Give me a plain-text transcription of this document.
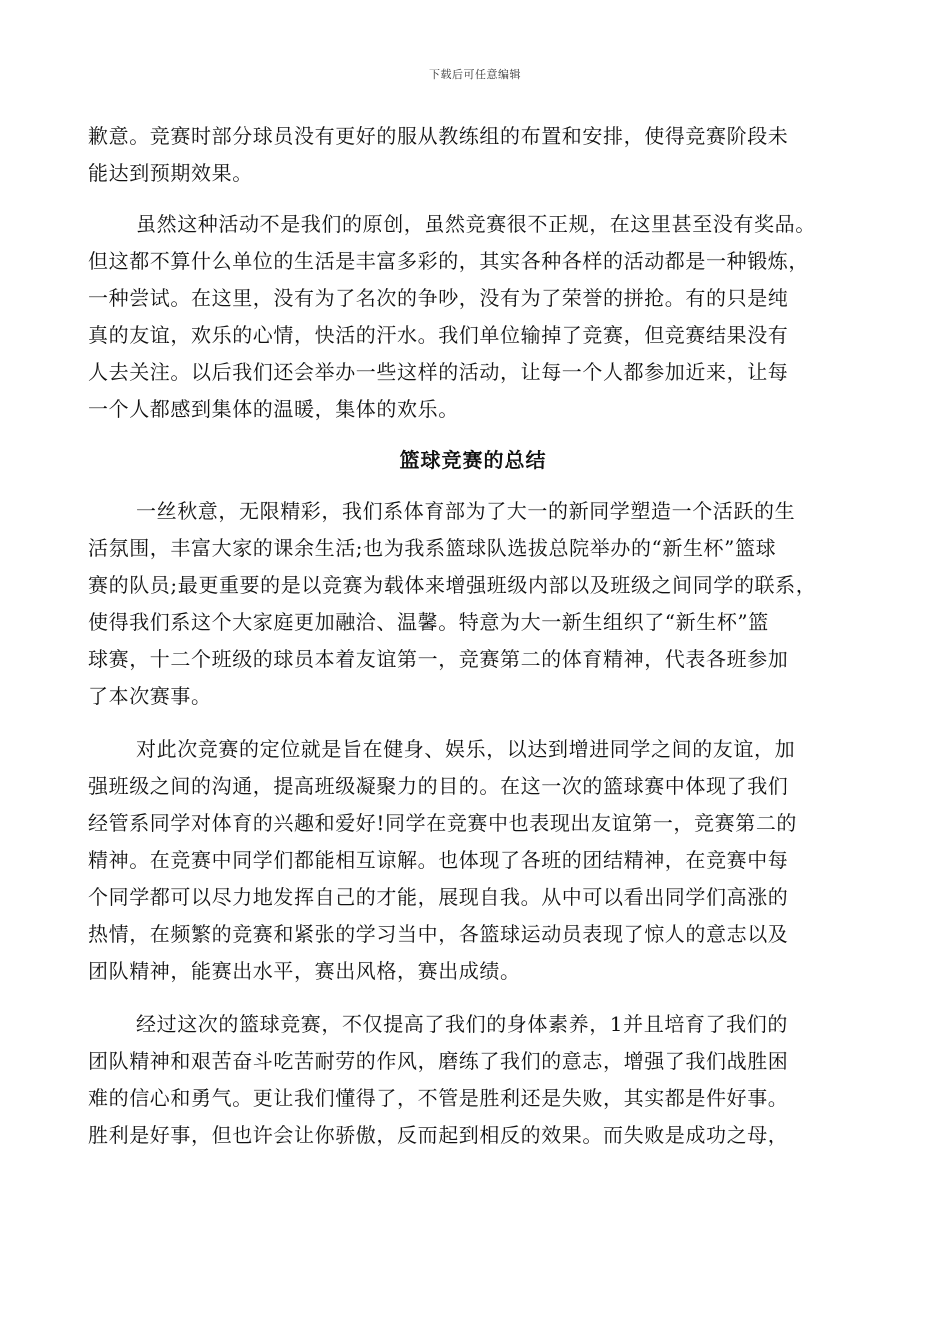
下载后可任意编辑
歉意。竞赛时部分球员没有更好的服从教练组的布置和安排，使得竞赛阶段未
能达到预期效果。
虽然这种活动不是我们的原创，虽然竞赛很不正规，在这里甚至没有奖品。
但这都不算什么单位的生活是丰富多彩的，其实各种各样的活动都是一种锻炼，
一种尝试。在这里，没有为了名次的争吵，没有为了荣誉的拼抢。有的只是纯
真的友谊，欢乐的心情，快活的汗水。我们单位输掉了竞赛，但竞赛结果没有
人去关注。以后我们还会举办一些这样的活动，让每一个人都参加近来，让每
一个人都感到集体的温暖，集体的欢乐。
篮球竞赛的总结
一丝秋意，无限精彩，我们系体育部为了大一的新同学塑造一个活跃的生
活氛围，丰富大家的课余生活;也为我系篮球队选拔总院举办的“新生杯”篮球
赛的队员;最更重要的是以竞赛为载体来增强班级内部以及班级之间同学的联系，
使得我们系这个大家庭更加融洽、温馨。特意为大一新生组织了“新生杯”篮
球赛，十二个班级的球员本着友谊第一，竞赛第二的体育精神，代表各班参加
了本次赛事。
对此次竞赛的定位就是旨在健身、娱乐，以达到增进同学之间的友谊，加
强班级之间的沟通，提高班级凝聚力的目的。在这一次的篮球赛中体现了我们
经管系同学对体育的兴趣和爱好!同学在竞赛中也表现出友谊第一，竞赛第二的
精神。在竞赛中同学们都能相互谅解。也体现了各班的团结精神，在竞赛中每
个同学都可以尽力地发挥自己的才能，展现自我。从中可以看出同学们高涨的
热情，在频繁的竞赛和紧张的学习当中，各篮球运动员表现了惊人的意志以及
团队精神，能赛出水平，赛出风格，赛出成绩。
经过这次的篮球竞赛，不仅提高了我们的身体素养，1并且培育了我们的
团队精神和艰苦奋斗吃苦耐劳的作风，磨练了我们的意志，增强了我们战胜困
难的信心和勇气。更让我们懂得了，不管是胜利还是失败，其实都是件好事。
胜利是好事，但也许会让你骄傲，反而起到相反的效果。而失败是成功之母，
